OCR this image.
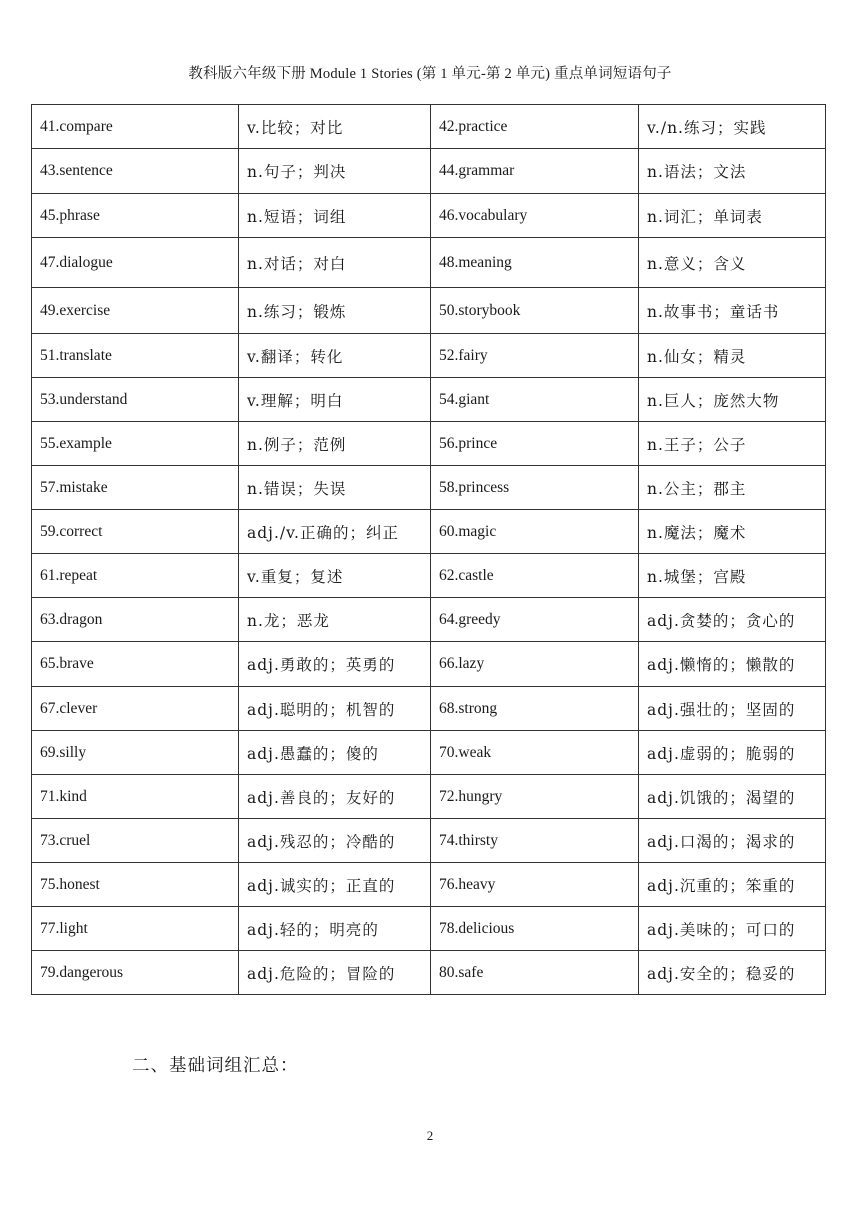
教科版六年级下册 Module 1 Stories (第 1 单元-第 2 单元) 重点单词短语句子
41.compare	v.比较；对比	42.practice	v./n.练习；实践
43.sentence	n.句子；判决	44.grammar	n.语法；文法
45.phrase	n.短语；词组	46.vocabulary	n.词汇；单词表
47.dialogue	n.对话；对白	48.meaning	n.意义；含义
49.exercise	n.练习；锻炼	50.storybook	n.故事书；童话书
51.translate	v.翻译；转化	52.fairy	n.仙女；精灵
53.understand	v.理解；明白	54.giant	n.巨人；庞然大物
55.example	n.例子；范例	56.prince	n.王子；公子
57.mistake	n.错误；失误	58.princess	n.公主；郡主
59.correct	adj./v.正确的；纠正	60.magic	n.魔法；魔术
61.repeat	v.重复；复述	62.castle	n.城堡；宫殿
63.dragon	n.龙；恶龙	64.greedy	adj.贪婪的；贪心的
65.brave	adj.勇敢的；英勇的	66.lazy	adj.懒惰的；懒散的
67.clever	adj.聪明的；机智的	68.strong	adj.强壮的；坚固的
69.silly	adj.愚蠢的；傻的	70.weak	adj.虚弱的；脆弱的
71.kind	adj.善良的；友好的	72.hungry	adj.饥饿的；渴望的
73.cruel	adj.残忍的；冷酷的	74.thirsty	adj.口渴的；渴求的
75.honest	adj.诚实的；正直的	76.heavy	adj.沉重的；笨重的
77.light	adj.轻的；明亮的	78.delicious	adj.美味的；可口的
79.dangerous	adj.危险的；冒险的	80.safe	adj.安全的；稳妥的
二、基础词组汇总：
2
